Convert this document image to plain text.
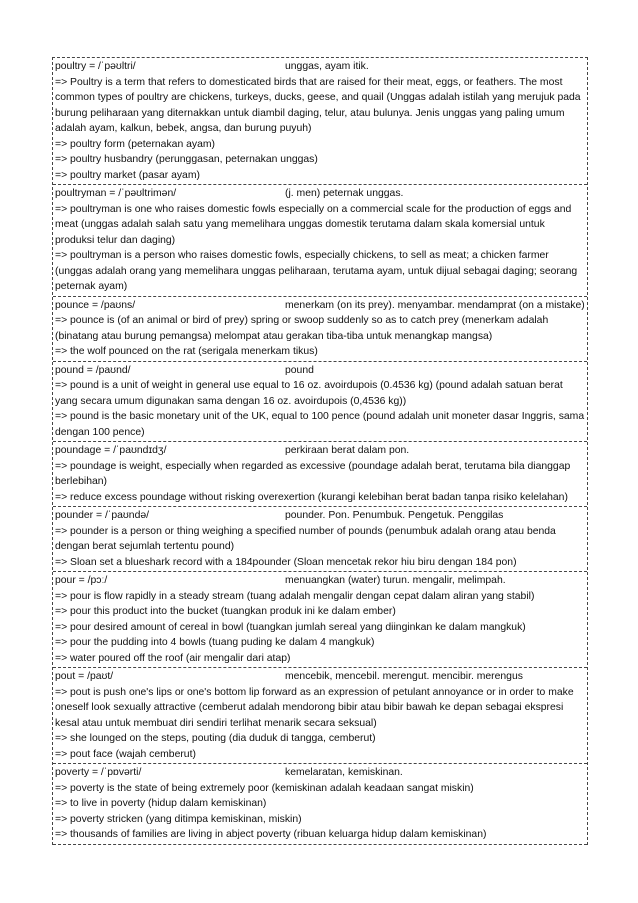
poultry = /ˈpəʊltri/	unggas, ayam itik.
=> Poultry is a term that refers to domesticated birds that are raised for their meat, eggs, or feathers. The most common types of poultry are chickens, turkeys, ducks, geese, and quail (Unggas adalah istilah yang merujuk pada burung peliharaan yang diternakkan untuk diambil daging, telur, atau bulunya. Jenis unggas yang paling umum adalah ayam, kalkun, bebek, angsa, dan burung puyuh)
=> poultry form (peternakan ayam)
=> poultry husbandry (perunggasan, peternakan unggas)
=> poultry market (pasar ayam)
poultryman = /ˈpəʊltrimən/	(j. men) peternak unggas.
=> poultryman is one who raises domestic fowls especially on a commercial scale for the production of eggs and meat (unggas adalah salah satu yang memelihara unggas domestik terutama dalam skala komersial untuk produksi telur dan daging)
=> poultryman is a person who raises domestic fowls, especially chickens, to sell as meat; a chicken farmer (unggas adalah orang yang memelihara unggas peliharaan, terutama ayam, untuk dijual sebagai daging; seorang peternak ayam)
pounce = /paʊns/	menerkam (on its prey). menyambar. mendamprat (on a mistake)
=> pounce is (of an animal or bird of prey) spring or swoop suddenly so as to catch prey (menerkam adalah (binatang atau burung pemangsa) melompat atau gerakan tiba-tiba untuk menangkap mangsa)
=> the wolf pounced on the rat (serigala menerkam tikus)
pound = /paʊnd/	pound
=> pound is a unit of weight in general use equal to 16 oz. avoirdupois (0.4536 kg) (pound adalah satuan berat yang secara umum digunakan sama dengan 16 oz. avoirdupois (0,4536 kg))
=> pound is the basic monetary unit of the UK, equal to 100 pence (pound adalah unit moneter dasar Inggris, sama dengan 100 pence)
poundage = /ˈpaʊndɪdʒ/	perkiraan berat dalam pon.
=> poundage is weight, especially when regarded as excessive (poundage adalah berat, terutama bila dianggap berlebihan)
=> reduce excess poundage without risking overexertion (kurangi kelebihan berat badan tanpa risiko kelelahan)
pounder = /ˈpaʊndə/	pounder. Pon. Penumbuk. Pengetuk. Penggilas
=> pounder is a person or thing weighing a specified number of pounds (penumbuk adalah orang atau benda dengan berat sejumlah tertentu pound)
=> Sloan set a blueshark record with a 184pounder (Sloan mencetak rekor hiu biru dengan 184 pon)
pour = /pɔː/	menuangkan (water) turun. mengalir, melimpah.
=> pour is flow rapidly in a steady stream (tuang adalah mengalir dengan cepat dalam aliran yang stabil)
=> pour this product into the bucket (tuangkan produk ini ke dalam ember)
=> pour desired amount of cereal in bowl (tuangkan jumlah sereal yang diinginkan ke dalam mangkuk)
=> pour the pudding into 4 bowls (tuang puding ke dalam 4 mangkuk)
=> water poured off the roof (air mengalir dari atap)
pout = /paʊt/	mencebik, mencebil. merengut. mencibir. merengus
=> pout is push one's lips or one's bottom lip forward as an expression of petulant annoyance or in order to make oneself look sexually attractive (cemberut adalah mendorong bibir atau bibir bawah ke depan sebagai ekspresi kesal atau untuk membuat diri sendiri terlihat menarik secara seksual)
=> she lounged on the steps, pouting (dia duduk di tangga, cemberut)
=> pout face (wajah cemberut)
poverty = /ˈpɒvərti/	kemelaratan, kemiskinan.
=> poverty is the state of being extremely poor (kemiskinan adalah keadaan sangat miskin)
=> to live in poverty (hidup dalam kemiskinan)
=> poverty stricken (yang ditimpa kemiskinan, miskin)
=> thousands of families are living in abject poverty (ribuan keluarga hidup dalam kemiskinan)
